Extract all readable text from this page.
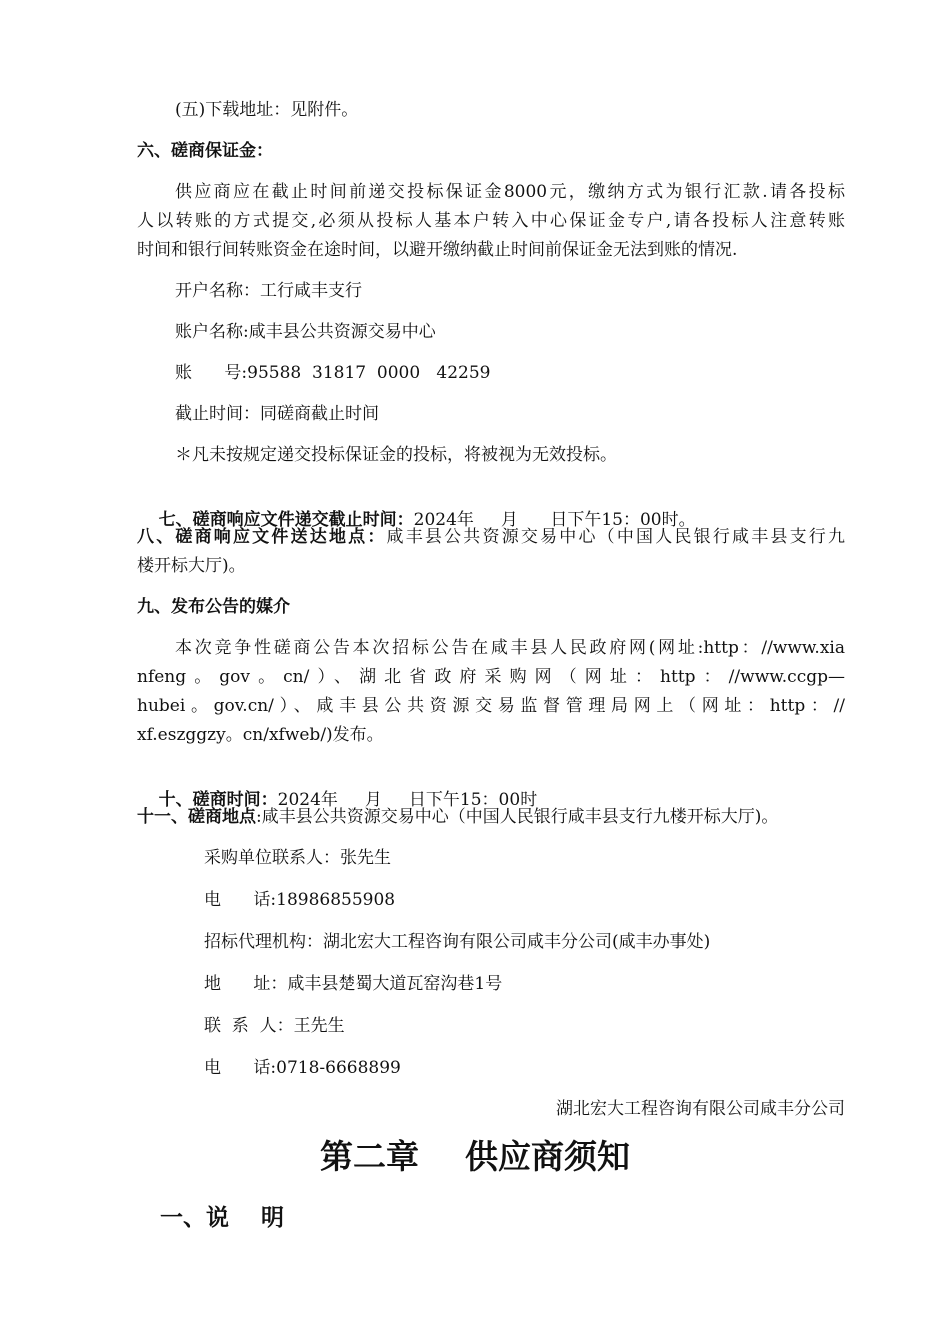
(五)下载地址：见附件。
六、磋商保证金：
供应商应在截止时间前递交投标保证金8000元，缴纳方式为银行汇款.请各投标
人以转账的方式提交,必须从投标人基本户转入中心保证金专户,请各投标人注意转账
时间和银行间转账资金在途时间，以避开缴纳截止时间前保证金无法到账的情况.
开户名称：工行咸丰支行
账户名称:咸丰县公共资源交易中心
账      号:95588  31817  0000   42259
截止时间：同磋商截止时间
＊凡未按规定递交投标保证金的投标，将被视为无效投标。

七、磋商响应文件递交截止时间：2024年     月      日下午15：00时。

八、磋商响应文件送达地点：咸丰县公共资源交易中心（中国人民银行咸丰县支行九
楼开标大厅)。
九、发布公告的媒介
本次竞争性磋商公告本次招标公告在咸丰县人民政府网(网址:http：//www.xia
nfeng。gov。cn/）、湖北省政府采购网（网址：http：//www.ccgp—
hubei。gov.cn/）、咸丰县公共资源交易监督管理局网上（网址：http：//
xf.eszggzy。cn/xfweb/)发布。

十、磋商时间：2024年     月     日下午15：00时

十一、磋商地点:咸丰县公共资源交易中心（中国人民银行咸丰县支行九楼开标大厅)。
采购单位联系人：张先生
电      话:18986855908
招标代理机构：湖北宏大工程咨询有限公司咸丰分公司(咸丰办事处)
地      址：咸丰县楚蜀大道瓦窑沟巷1号
联  系  人：王先生
电      话:0718-6668899
湖北宏大工程咨询有限公司咸丰分公司
第二章    供应商须知
一、说    明
